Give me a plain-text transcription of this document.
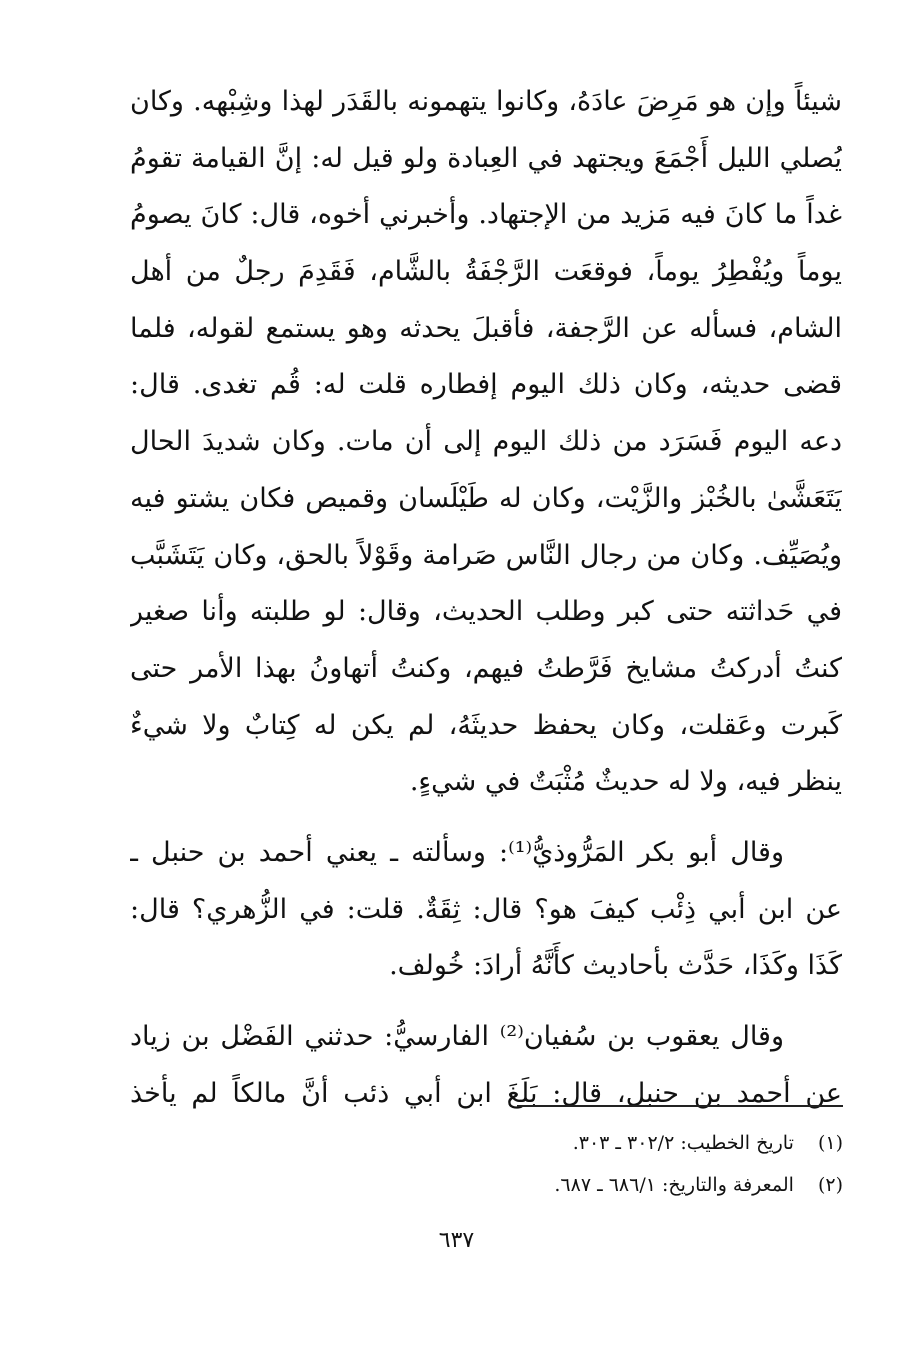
شيئاً وإن هو مَرِضَ عادَهُ، وكانوا يتهمونه بالقَدَر لهذا وشِبْهه. وكان
يُصلي الليل أَجْمَعَ ويجتهد في العِبادة ولو قيل له: إنَّ القيامة تقومُ
غداً ما كانَ فيه مَزيد من الإجتهاد. وأخبرني أخوه، قال: كانَ يصومُ
يوماً ويُفْطِرُ يوماً، فوقعَت الرَّجْفَةُ بالشَّام، فَقَدِمَ رجلٌ من أهل
الشام، فسأله عن الرَّجفة، فأقبلَ يحدثه وهو يستمع لقوله، فلما
قضى حديثه، وكان ذلك اليوم إفطاره قلت له: قُم تغدى. قال:
دعه اليوم فَسَرَد من ذلك اليوم إلى أن مات. وكان شديدَ الحال
يَتَعَشَّىٰ بالخُبْز والزَّيْت، وكان له طَيْلَسان وقميص فكان يشتو فيه
ويُصَيِّف. وكان من رجال النَّاس صَرامة وقَوْلاً بالحق، وكان يَتَشَبَّب
في حَداثته حتى كبر وطلب الحديث، وقال: لو طلبته وأنا صغير
كنتُ أدركتُ مشايخ فَرَّطتُ فيهم، وكنتُ أتهاونُ بهذا الأمر حتى
كَبرت وعَقلت، وكان يحفظ حديثَهُ، لم يكن له كِتابٌ ولا شيءٌ
ينظر فيه، ولا له حديثٌ مُثْبَتٌ في شيءٍ.
وقال أبو بكر المَرُّوذيُّ⁽¹⁾: وسألته ـ يعني أحمد بن حنبل ـ
عن ابن أبي ذِئْب كيفَ هو؟ قال: ثِقَةٌ. قلت: في الزُّهري؟ قال:
كَذَا وكَذَا، حَدَّث بأحاديث كأَنَّهُ أرادَ: خُولف.
وقال يعقوب بن سُفيان⁽²⁾ الفارسيُّ: حدثني الفَضْل بن زياد
عن أحمد بن حنبل، قال: بَلَغَ ابن أبي ذئب أنَّ مالكاً لم يأخذ
(١) تاريخ الخطيب: ٣٠٢/٢ ـ ٣٠٣.
(٢) المعرفة والتاريخ: ٦٨٦/١ ـ ٦٨٧.
٦٣٧
